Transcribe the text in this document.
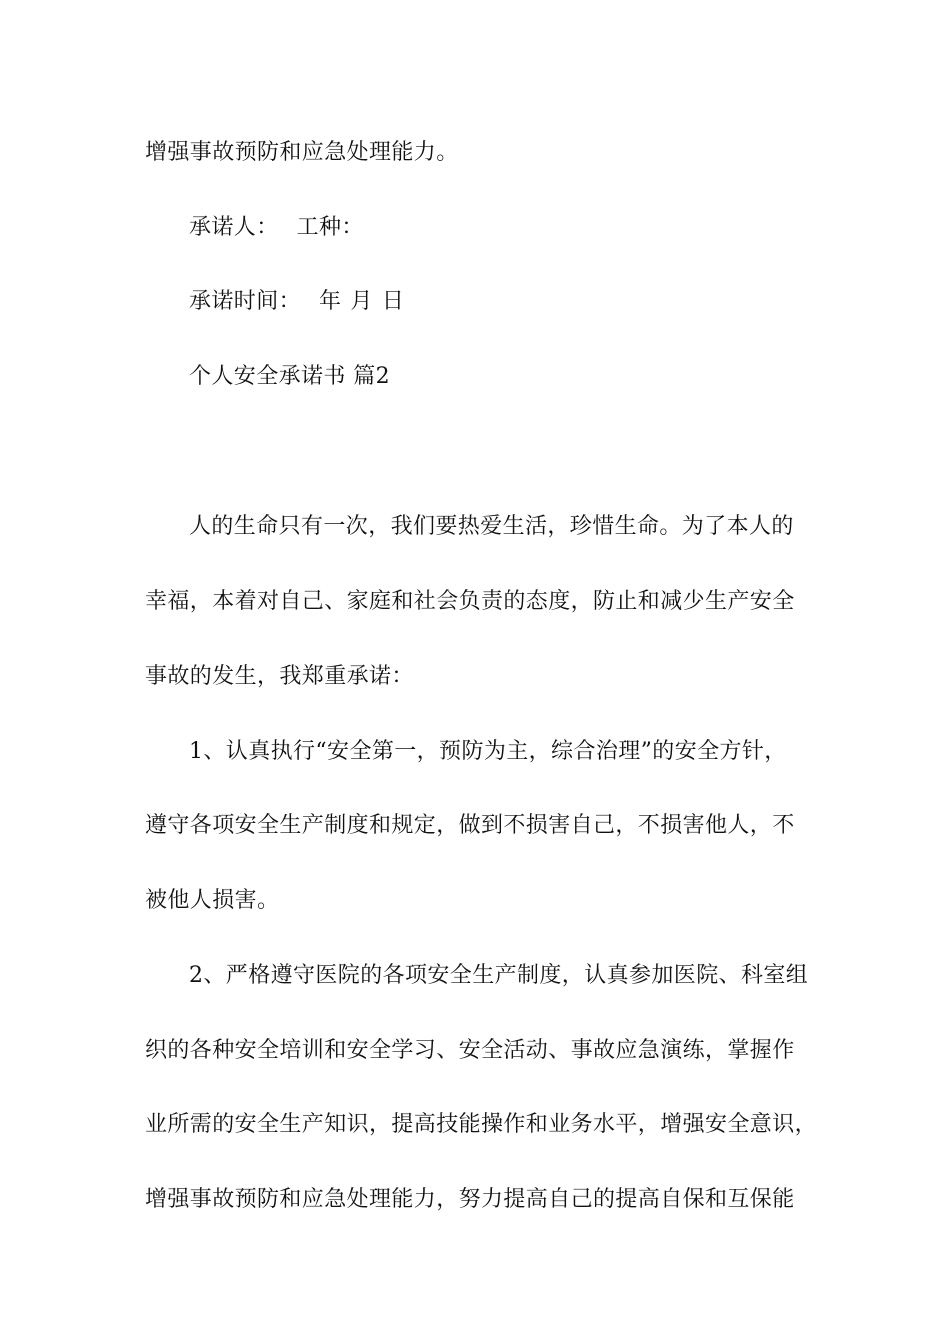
增强事故预防和应急处理能力。
承诺人： 工种：
承诺时间： 年 月 日
个人安全承诺书 篇2
人的生命只有一次，我们要热爱生活，珍惜生命。为了本人的
幸福，本着对自己、家庭和社会负责的态度，防止和减少生产安全
事故的发生，我郑重承诺：
1、认真执行“安全第一，预防为主，综合治理”的安全方针，
遵守各项安全生产制度和规定，做到不损害自己，不损害他人，不
被他人损害。
2、严格遵守医院的各项安全生产制度，认真参加医院、科室组
织的各种安全培训和安全学习、安全活动、事故应急演练，掌握作
业所需的安全生产知识，提高技能操作和业务水平，增强安全意识，
增强事故预防和应急处理能力，努力提高自己的提高自保和互保能
